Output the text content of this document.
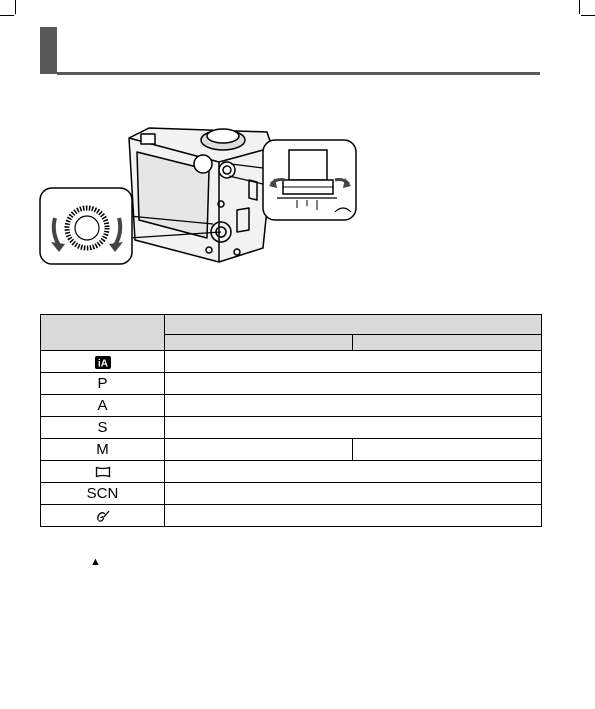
iA		

P		
A		
S		
M		

SCN		

▲
